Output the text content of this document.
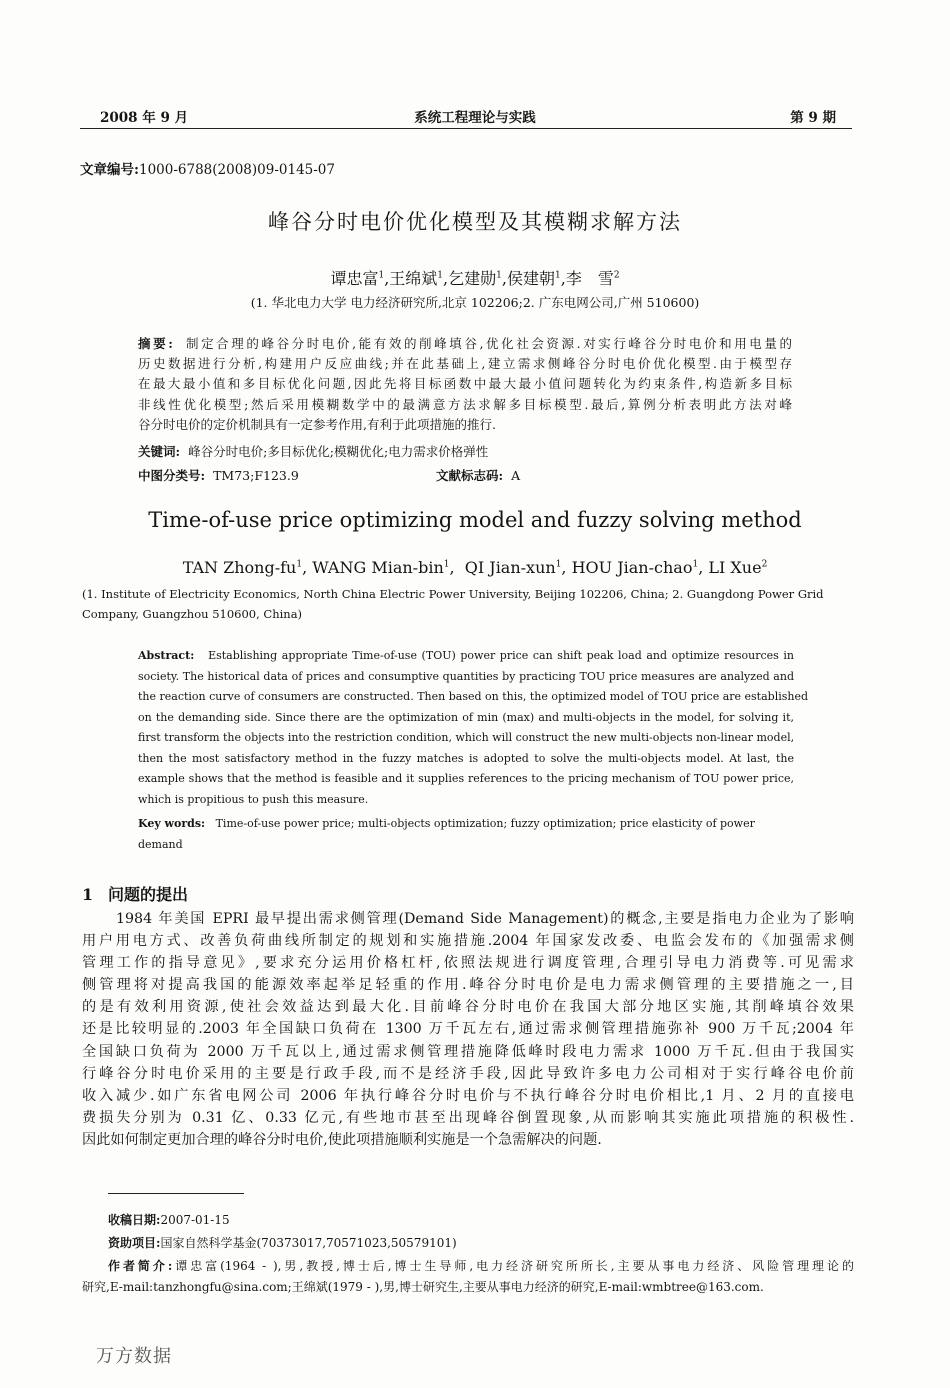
2008 年 9 月	系统工程理论与实践	第 9 期
文章编号:1000-6788(2008)09-0145-07
峰谷分时电价优化模型及其模糊求解方法
谭忠富$^1$,王绵斌$^1$,乞建勋$^1$,侯建朝$^1$,李　雪$^2$
(1. 华北电力大学 电力经济研究所,北京 102206;2. 广东电网公司,广州 510600)
摘要: 制定合理的峰谷分时电价,能有效的削峰填谷,优化社会资源.对实行峰谷分时电价和用电量的
历史数据进行分析,构建用户反应曲线;并在此基础上,建立需求侧峰谷分时电价优化模型.由于模型存
在最大最小值和多目标优化问题,因此先将目标函数中最大最小值问题转化为约束条件,构造新多目标
非线性优化模型;然后采用模糊数学中的最满意方法求解多目标模型.最后,算例分析表明此方法对峰
谷分时电价的定价机制具有一定参考作用,有利于此项措施的推行.
关键词: 峰谷分时电价;多目标优化;模糊优化;电力需求价格弹性
中图分类号: TM73;F123.9	文献标志码: A
Time-of-use price optimizing model and fuzzy solving method
TAN Zhong-$fu^1$, WANG Mian-bin$^1$,  QI Jian-xun$^1$, HOU Jian-chao$^1$, LI Xue$^2$
(1. Institute of Electricity Economics, North China Electric Power University, Beijing 102206, China; 2. Guangdong Power Grid Company, Guangzhou 510600, China)
Abstract: Establishing appropriate Time-of-use (TOU) power price can shift peak load and optimize resources in
society. The historical data of prices and consumptive quantities by practicing TOU price measures are analyzed and
the reaction curve of consumers are constructed. Then based on this, the optimized model of TOU price are established
on the demanding side. Since there are the optimization of min (max) and multi-objects in the model, for solving it,
first transform the objects into the restriction condition, which will construct the new multi-objects non-linear model,
then the most satisfactory method in the fuzzy matches is adopted to solve the multi-objects model. At last, the
example shows that the method is feasible and it supplies references to the pricing mechanism of TOU power price,
which is propitious to push this measure.
Key words: Time-of-use power price; multi-objects optimization; fuzzy optimization; price elasticity of power demand
1 问题的提出
1984 年美国 EPRI 最早提出需求侧管理(Demand Side Management)的概念,主要是指电力企业为了影响
用户用电方式、改善负荷曲线所制定的规划和实施措施.2004 年国家发改委、电监会发布的《加强需求侧
管理工作的指导意见》,要求充分运用价格杠杆,依照法规进行调度管理,合理引导电力消费等.可见需求
侧管理将对提高我国的能源效率起举足轻重的作用.峰谷分时电价是电力需求侧管理的主要措施之一,目
的是有效利用资源,使社会效益达到最大化.目前峰谷分时电价在我国大部分地区实施,其削峰填谷效果
还是比较明显的.2003 年全国缺口负荷在 1300 万千瓦左右,通过需求侧管理措施弥补 900 万千瓦;2004 年
全国缺口负荷为 2000 万千瓦以上,通过需求侧管理措施降低峰时段电力需求 1000 万千瓦.但由于我国实
行峰谷分时电价采用的主要是行政手段,而不是经济手段,因此导致许多电力公司相对于实行峰谷电价前
收入减少.如广东省电网公司 2006 年执行峰谷分时电价与不执行峰谷分时电价相比,1 月、2 月的直接电
费损失分别为 0.31 亿、0.33 亿元,有些地市甚至出现峰谷倒置现象,从而影响其实施此项措施的积极性.
因此如何制定更加合理的峰谷分时电价,使此项措施顺利实施是一个急需解决的问题.
收稿日期:2007-01-15
资助项目:国家自然科学基金(70373017,70571023,50579101)
作者简介:谭忠富(1964 - ),男,教授,博士后,博士生导师,电力经济研究所所长,主要从事电力经济、风险管理理论的
研究,E-mail:tanzhongfu@sina.com;王绵斌(1979 - ),男,博士研究生,主要从事电力经济的研究,E-mail:wmbtree@163.com.
万方数据
